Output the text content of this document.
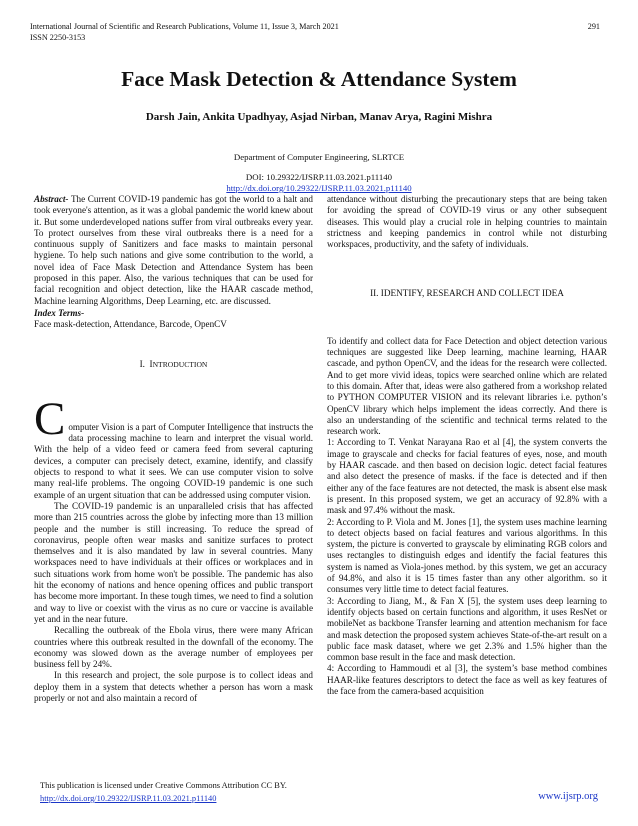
International Journal of Scientific and Research Publications, Volume 11, Issue 3, March 2021
ISSN 2250-3153
291
Face Mask Detection & Attendance System
Darsh Jain, Ankita Upadhyay, Asjad Nirban, Manav Arya, Ragini Mishra
Department of Computer Engineering, SLRTCE
DOI: 10.29322/IJSRP.11.03.2021.p11140
http://dx.doi.org/10.29322/IJSRP.11.03.2021.p11140

Abstract- The Current COVID-19 pandemic has got the world to a halt and took everyone's attention, as it was a global pandemic the world knew about it. But some underdeveloped nations suffer from viral outbreaks every year. To protect ourselves from these viral outbreaks there is a need for a continuous supply of Sanitizers and face masks to maintain personal hygiene. To help such nations and give some contribution to the world, a novel idea of Face Mask Detection and Attendance System has been proposed in this paper. Also, the various techniques that can be used for facial recognition and object detection, like the HAAR cascade method, Machine learning Algorithms, Deep Learning, etc. are discussed.

Index Terms-

Face mask-detection, Attendance, Barcode, OpenCV

I. INTRODUCTION

Computer Vision is a part of Computer Intelligence that instructs the data processing machine to learn and interpret the visual world. With the help of a video feed or camera feed from several capturing devices, a computer can precisely detect, examine, identify, and classify objects to respond to what it sees. We can use computer vision to solve many real-life problems. The ongoing COVID-19 pandemic is one such example of an urgent situation that can be addressed using computer vision.

The COVID-19 pandemic is an unparalleled crisis that has affected more than 215 countries across the globe by infecting more than 13 million people and the number is still increasing. To reduce the spread of coronavirus, people often wear masks and sanitize surfaces to protect themselves and it is also mandated by law in several countries. Many workspaces need to have individuals at their offices or workplaces and in such situations work from home won't be possible. The pandemic has also hit the economy of nations and hence opening offices and public transport has become more important. In these tough times, we need to find a solution and way to live or coexist with the virus as no cure or vaccine is available yet and in the near future.

Recalling the outbreak of the Ebola virus, there were many African countries where this outbreak resulted in the downfall of the economy. The economy was slowed down as the average number of employees per business fell by 24%.

In this research and project, the sole purpose is to collect ideas and deploy them in a system that detects whether a person has worn a mask properly or not and also maintain a record of

attendance without disturbing the precautionary steps that are being taken for avoiding the spread of COVID-19 virus or any other subsequent diseases. This would play a crucial role in helping countries to maintain strictness and keeping pandemics in control while not disturbing workspaces, productivity, and the safety of individuals.

II. IDENTIFY, RESEARCH AND COLLECT IDEA

To identify and collect data for Face Detection and object detection various techniques are suggested like Deep learning, machine learning, HAAR cascade, and python OpenCV, and the ideas for the research were collected. And to get more vivid ideas, topics were searched online which are related to this domain. After that, ideas were also gathered from a workshop related to PYTHON COMPUTER VISION and its relevant libraries i.e. python’s OpenCV library which helps implement the ideas correctly. And there is also an understanding of the scientific and technical terms related to the research work.

1: According to T. Venkat Narayana Rao et al [4], the system converts the image to grayscale and checks for facial features of eyes, nose, and mouth by HAAR cascade. and then based on decision logic. detect facial features and also detect the presence of masks. if the face is detected and if then either any of the face features are not detected, the mask is absent else mask is present. In this proposed system, we get an accuracy of 92.8% with a mask and 97.4% without the mask.

2: According to P. Viola and M. Jones [1], the system uses machine learning to detect objects based on facial features and various algorithms. In this system, the picture is converted to grayscale by eliminating RGB colors and uses rectangles to distinguish edges and identify the facial features this system is named as Viola-jones method. by this system, we get an accuracy of 94.8%, and also it is 15 times faster than any other algorithm. so it consumes very little time to detect facial features.

3: According to Jiang, M., & Fan X [5], the system uses deep learning to identify objects based on certain functions and algorithm, it uses ResNet or mobileNet as backbone Transfer learning and attention mechanism for face and mask detection the proposed system achieves State-of-the-art result on a public face mask dataset, where we get 2.3% and 1.5% higher than the common base result in the face and mask detection.

4: According to Hammoudi et al [3], the system’s base method combines HAAR-like features descriptors to detect the face as well as key features of the face from the camera-based acquisition

This publication is licensed under Creative Commons Attribution CC BY.
http://dx.doi.org/10.29322/IJSRP.11.03.2021.p11140	www.ijsrp.org
